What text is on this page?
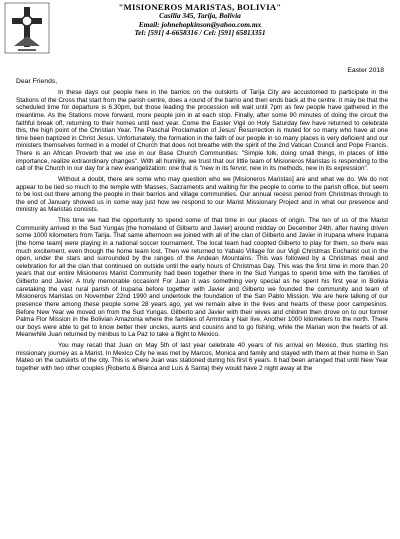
"MISIONEROS MARISTAS, BOLIVIA"
Casilla 345, Tarija, Bolivia
Email: johnehopkinson@yahoo.com.mx
Tel: [591] 4-6658316 / Cel: [591] 65813351
Easter 2018
Dear Friends,

In these days our people here in the barrios on the outskirts of Tarija City are accustomed to participate in the Stations of the Cross that start from the parish centre, does a round of the barrio and then ends back at the centre. It may be that the scheduled time for departure is 6.30pm, but those leading the procession will wait until 7pm as few people have gathered in the meantime. As the Stations move forward, more people join in at each stop. Finally, after some 90 minutes of doing the circuit the faithful break off, returning to their homes until next year. Come the Easter Vigil on Holy Saturday few have returned to celebrate this, the high point of the Christian Year. The Paschal Proclamation of Jesus' Resurrection is muted for so many who have at one time been baptized in Christ Jesus. Unfortunately, the formation in the faith of our people in so many places is very deficient and our ministers themselves formed in a model of Church that does not breathe with the spirit of the 2nd Vatican Council and Pope Francis. There is an African Proverb that we use in our Base Church Communities: "Simple folk, doing small things, in places of little importance, realize extraordinary changes". With all humility, we trust that our little team of Misioneros Maristas is responding to the call of the Church in our day for a new evangelization: one that is "new in its fervor, new in its methods, new in its expression".

Without a doubt, there are some who may question who we [Misioneros Maristas] are and what we do. We do not appear to be tied so much to the temple with Masses, Sacraments and waiting for the people to come to the parish office, but seem to be lost out there among the people in their barrios and village communities. Our annual recess period from Christmas through to the end of January showed us in some way just how we respond to our Marist Missionary Project and in what our presence and ministry as Maristas consists.

This time we had the opportunity to spend some of that time in our places of origin. The ten of us of the Marist Community arrived in the Sud Yungas [the homeland of Gilberto and Javier] around midday on December 24th, after having driven some 1000 kilometers from Tarija. That same afternoon we joined with all of the clan of Gilberto and Javier in Irupana where Irupana [the home team] were playing in a national soccer tournament. The local team had coopted Gilberto to play for them, so there was much excitement, even though the home team lost. Then we returned to Yabalo Village for our Vigil Christmas Eucharist out in the open, under the stars and surrounded by the ranges of the Andean Mountains. This was followed by a Christmas meal and celebration for all the clan that continued on outside until the early hours of Christmas Day. This was the first time in more than 20 years that our entire Misioneros Marist Community had been together there in the Sud Yungas to spend time with the families of Gilberto and Javier. A truly memorable occasion! For Juan it was something very special as he spent his first year in Bolivia caretaking the vast rural parish of Irupana before together with Javier and Gilberto we founded the community and team of Misioneros Maristas on November 22nd 1990 and undertook the foundation of the San Pablo Mission. We are here talking of our presence there among these people some 28 years ago, yet we remain alive in the lives and hearts of these poor campesinos. Before New Year we moved on from the Sud Yungas. Gilberto and Javier with their wives and children then drove on to our former Palma Flor Mission in the Bolivian Amazonia where the families of Arminda y Nair live. Another 1000 kilometers to the north. There our boys were able to get to know better their uncles, aunts and cousins and to go fishing, while the Marian won the hearts of all. Meanwhile Juan returned by minibus to La Paz to take a flight to Mexico.

You may recall that Juan on May 5th of last year celebrate 40 years of his arrival en Mexico, thus starting his missionary journey as a Marist. In Mexico City he was met by Marcos, Monica and family and stayed with them at their home in San Mateo on the outskirts of the city. This is where Juan was stationed during his first 6 years. It had been arranged that until New Year together with two other couples (Roberto & Blanca and Luis & Santa) they would have 2 night away at the
